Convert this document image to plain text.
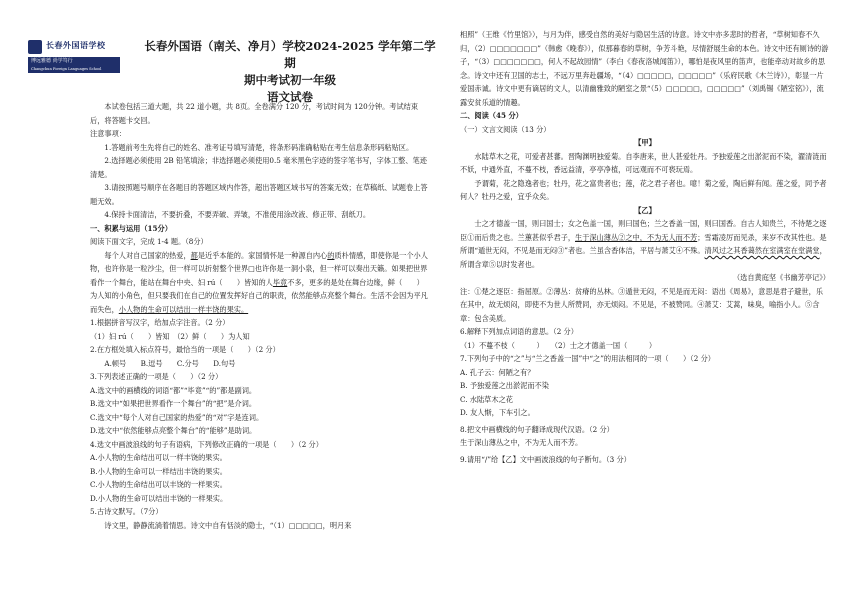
长春外国语学校
博远雅德 尚学笃行
Changchun Foreign Languages School
长春外国语（南关、净月）学校2024-2025 学年第二学期
期中考试初一年级
语文试卷

本试卷包括三道大题，共 22 道小题，共 8页。全卷满分 120 分，考试时间为 120分钟。考试结束后，将答题卡交回。

注意事项：

1.答题前考生先将自己的姓名、准考证号填写清楚，将条形码准确粘贴在考生信息条形码粘贴区。

2.选择题必须使用 2B 铅笔填涂；非选择题必须使用0.5 毫米黑色字迹的签字笔书写，字体工整、笔迹清楚。

3.请按照题号顺序在各题目的答题区域内作答，超出答题区域书写的答案无效；在草稿纸、试题卷上答题无效。

4.保持卡面清洁，不要折叠，不要弄破、弄皱，不准使用涂改液、修正带、刮纸刀。

一、积累与运用（15分）

阅读下面文字，完成 1-4 题。（8分）

每个人对自己国家的热爱，都是近乎本能的。家国情怀是一种源自内心的质朴情感，即使你是一个小人物，也许你是一粒沙尘，但一样可以折射整个世界□也许你是一洞小泉，但一样可以奏出天籁。如果把世界看作一个舞台，能站在舞台中央、妇 rú（　　）皆知的人毕竟不多，更多的是处在舞台边缘，鲜（　　）为人知的小角色，但只要我们在自己的位置发挥好自己的职责，依然能够点亮整个舞台。生活不会因为平凡而失色，小人物的生命可以结出一样丰饶的果实。

1.根据拼音写汉字，给加点字注音。（2 分）

（1）妇 rú（　　）皆知　（2）鲜（　　）为人知

2.在方框处填入标点符号，最恰当的一项是（　　）（2 分）

A.顿号　　B.逗号　　C.分号　　D.句号

3.下列表述正确的一项是（　　）（2 分）

A.选文中的画横线的词语“都”“毕竟”“的”都是副词。

B.选文中“如果把世界看作一个舞台”的“把”是介词。

C.选文中“每个人对自己国家的热爱”的“对”字是连词。

D.选文中“依然能够点亮整个舞台”的“能够”是助词。

4.选文中画波浪线的句子有语病，下列修改正确的一项是（　　）（2 分）

A.小人物的生命结出可以一样丰饶的果实。

B.小人物的生命可以一样结出丰饶的果实。

C.小人物的生命结出可以丰饶的一样果实。

D.小人物的生命可以结出丰饶的一样果实。

5.古诗文默写。（7分）

诗文里，静静流淌着情思。诗文中自有恬淡的隐士，“（1）□□□□□，明月来

相照”（王维《竹里馆》），与月为伴，感受自然的美好与隐居生活的诗意。诗文中亦多悲时的哲者，“草树知春不久归，（2）□□□□□□□”（韩愈《晚春》），似那暮春的草树，争芳斗艳，尽情舒展生命的本色。诗文中还有厕诗的游子，“（3）□□□□□□□，何人不起故园情”（李白《春夜洛城闻笛》），哪怕是夜风里的笛声，也能牵动对故乡的思念。诗文中还有卫国的志士，不远万里奔赴疆场，“（4）□□□□□，□□□□□”（乐府民歌《木兰诗》），彰显一片爱国赤诚。诗文中更有谪居的文人，以清幽雅致的陋室之景“（5）□□□□□，□□□□□”（刘禹锡《陋室铭》），流露安贫乐道的情趣。

二、阅读（45 分）

（一）文言文阅读（13 分）

【甲】

水陆草木之花，可爱者甚蕃。晋陶渊明独爱菊。自李唐来，世人甚爱牡丹。予独爱莲之出淤泥而不染，濯清涟而不妖，中通外直，不蔓不枝，香远益清，亭亭净植，可远观而不可亵玩焉。

予谓菊，花之隐逸者也；牡丹，花之富贵者也；莲，花之君子者也。噫！菊之爱，陶后鲜有闻。莲之爱，同予者何人？牡丹之爱，宜乎众矣。

【乙】

士之才德盖一国，则曰国士；女之色盖一国，则曰国色；兰之香盖一国，则曰国香。自古人知贵兰，不待楚之逐臣①而后贵之也。兰蕙甚似乎君子，生于深山薄丛②之中，不为无人而不芳；雪霜凌厉而见杀，来岁不改其性也。是所谓“遁世无闷，不见是而无闷③”者也。兰虽含香体洁，平居与萧艾④不殊。清风过之其香蔼然在室满室在堂满堂，所谓含章⑤以时发者也。

（选自黄庭坚《书幽芳亭记》）

注：①楚之逐臣：指屈原。②薄丛：贫瘠的丛林。③遁世无闷，不见是而无闷：语出《周易》，意思是君子避世，乐在其中，故无烦闷，即使不为世人所赞同，亦无烦闷。不见是，不被赞同。④萧艾：艾蒿，味臭，喻指小人。⑤含章：包含美质。

6.解释下列加点词语的意思。（2 分）

（1）不蔓不枝（　　　）　　（2）士之才德盖一国（　　　）

7.下列句子中的“之”与“兰之香盖一国”中“之”的用法相同的一项（　　）（2 分）

A. 孔子云：何陋之有？

B. 予独爱莲之出淤泥而不染

C. 水陆草木之花

D. 友人惭，下车引之。

8.把文中画横线的句子翻译成现代汉语。（2 分）

生于深山薄丛之中，不为无人而不芳。

9.请用“/”给【乙】文中画波浪线的句子断句。（3 分）
